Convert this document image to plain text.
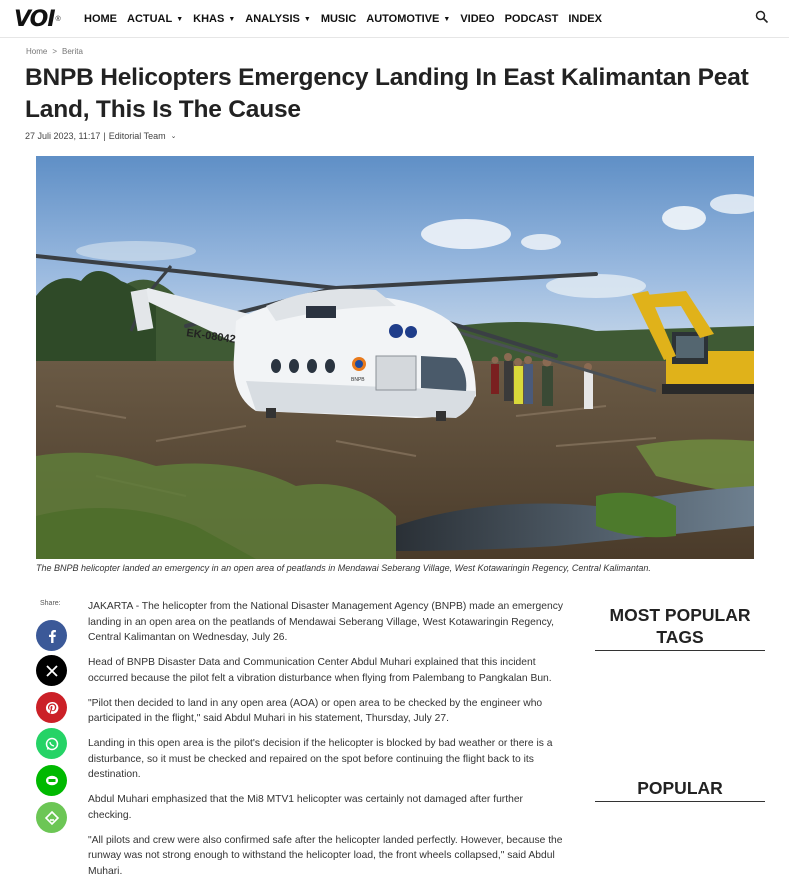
VOI ® HOME ACTUAL ▼ KHAS ▼ ANALYSIS ▼ MUSIC AUTOMOTIVE ▼ VIDEO PODCAST INDEX
Home > Berita
BNPB Helicopters Emergency Landing In East Kalimantan Peat Land, This Is The Cause
27 Juli 2023, 11:17 | Editorial Team ⌄
EK-08042
BNPB
The BNPB helicopter landed an emergency in an open area of peatlands in Mendawai Seberang Village, West Kotawaringin Regency, Central Kalimantan.
Share:	JAKARTA - The helicopter from the National Disaster Management Agency (BNPB) made an emergency landing in an open area on the peatlands of Mendawai Seberang Village, West Kotawaringin Regency, Central Kalimantan on Wednesday, July 26.

Head of BNPB Disaster Data and Communication Center Abdul Muhari explained that this incident occurred because the pilot felt a vibration disturbance when flying from Palembang to Pangkalan Bun.

"Pilot then decided to land in any open area (AOA) or open area to be checked by the engineer who participated in the flight," said Abdul Muhari in his statement, Thursday, July 27.

Landing in this open area is the pilot's decision if the helicopter is blocked by bad weather or there is a disturbance, so it must be checked and repaired on the spot before continuing the flight back to its destination.

Abdul Muhari emphasized that the Mi8 MTV1 helicopter was certainly not damaged after further checking.

"All pilots and crew were also confirmed safe after the helicopter landed perfectly. However, because the runway was not strong enough to withstand the helicopter load, the front wheels collapsed," said Abdul Muhari.

MOST POPULAR TAGS
POPULAR
